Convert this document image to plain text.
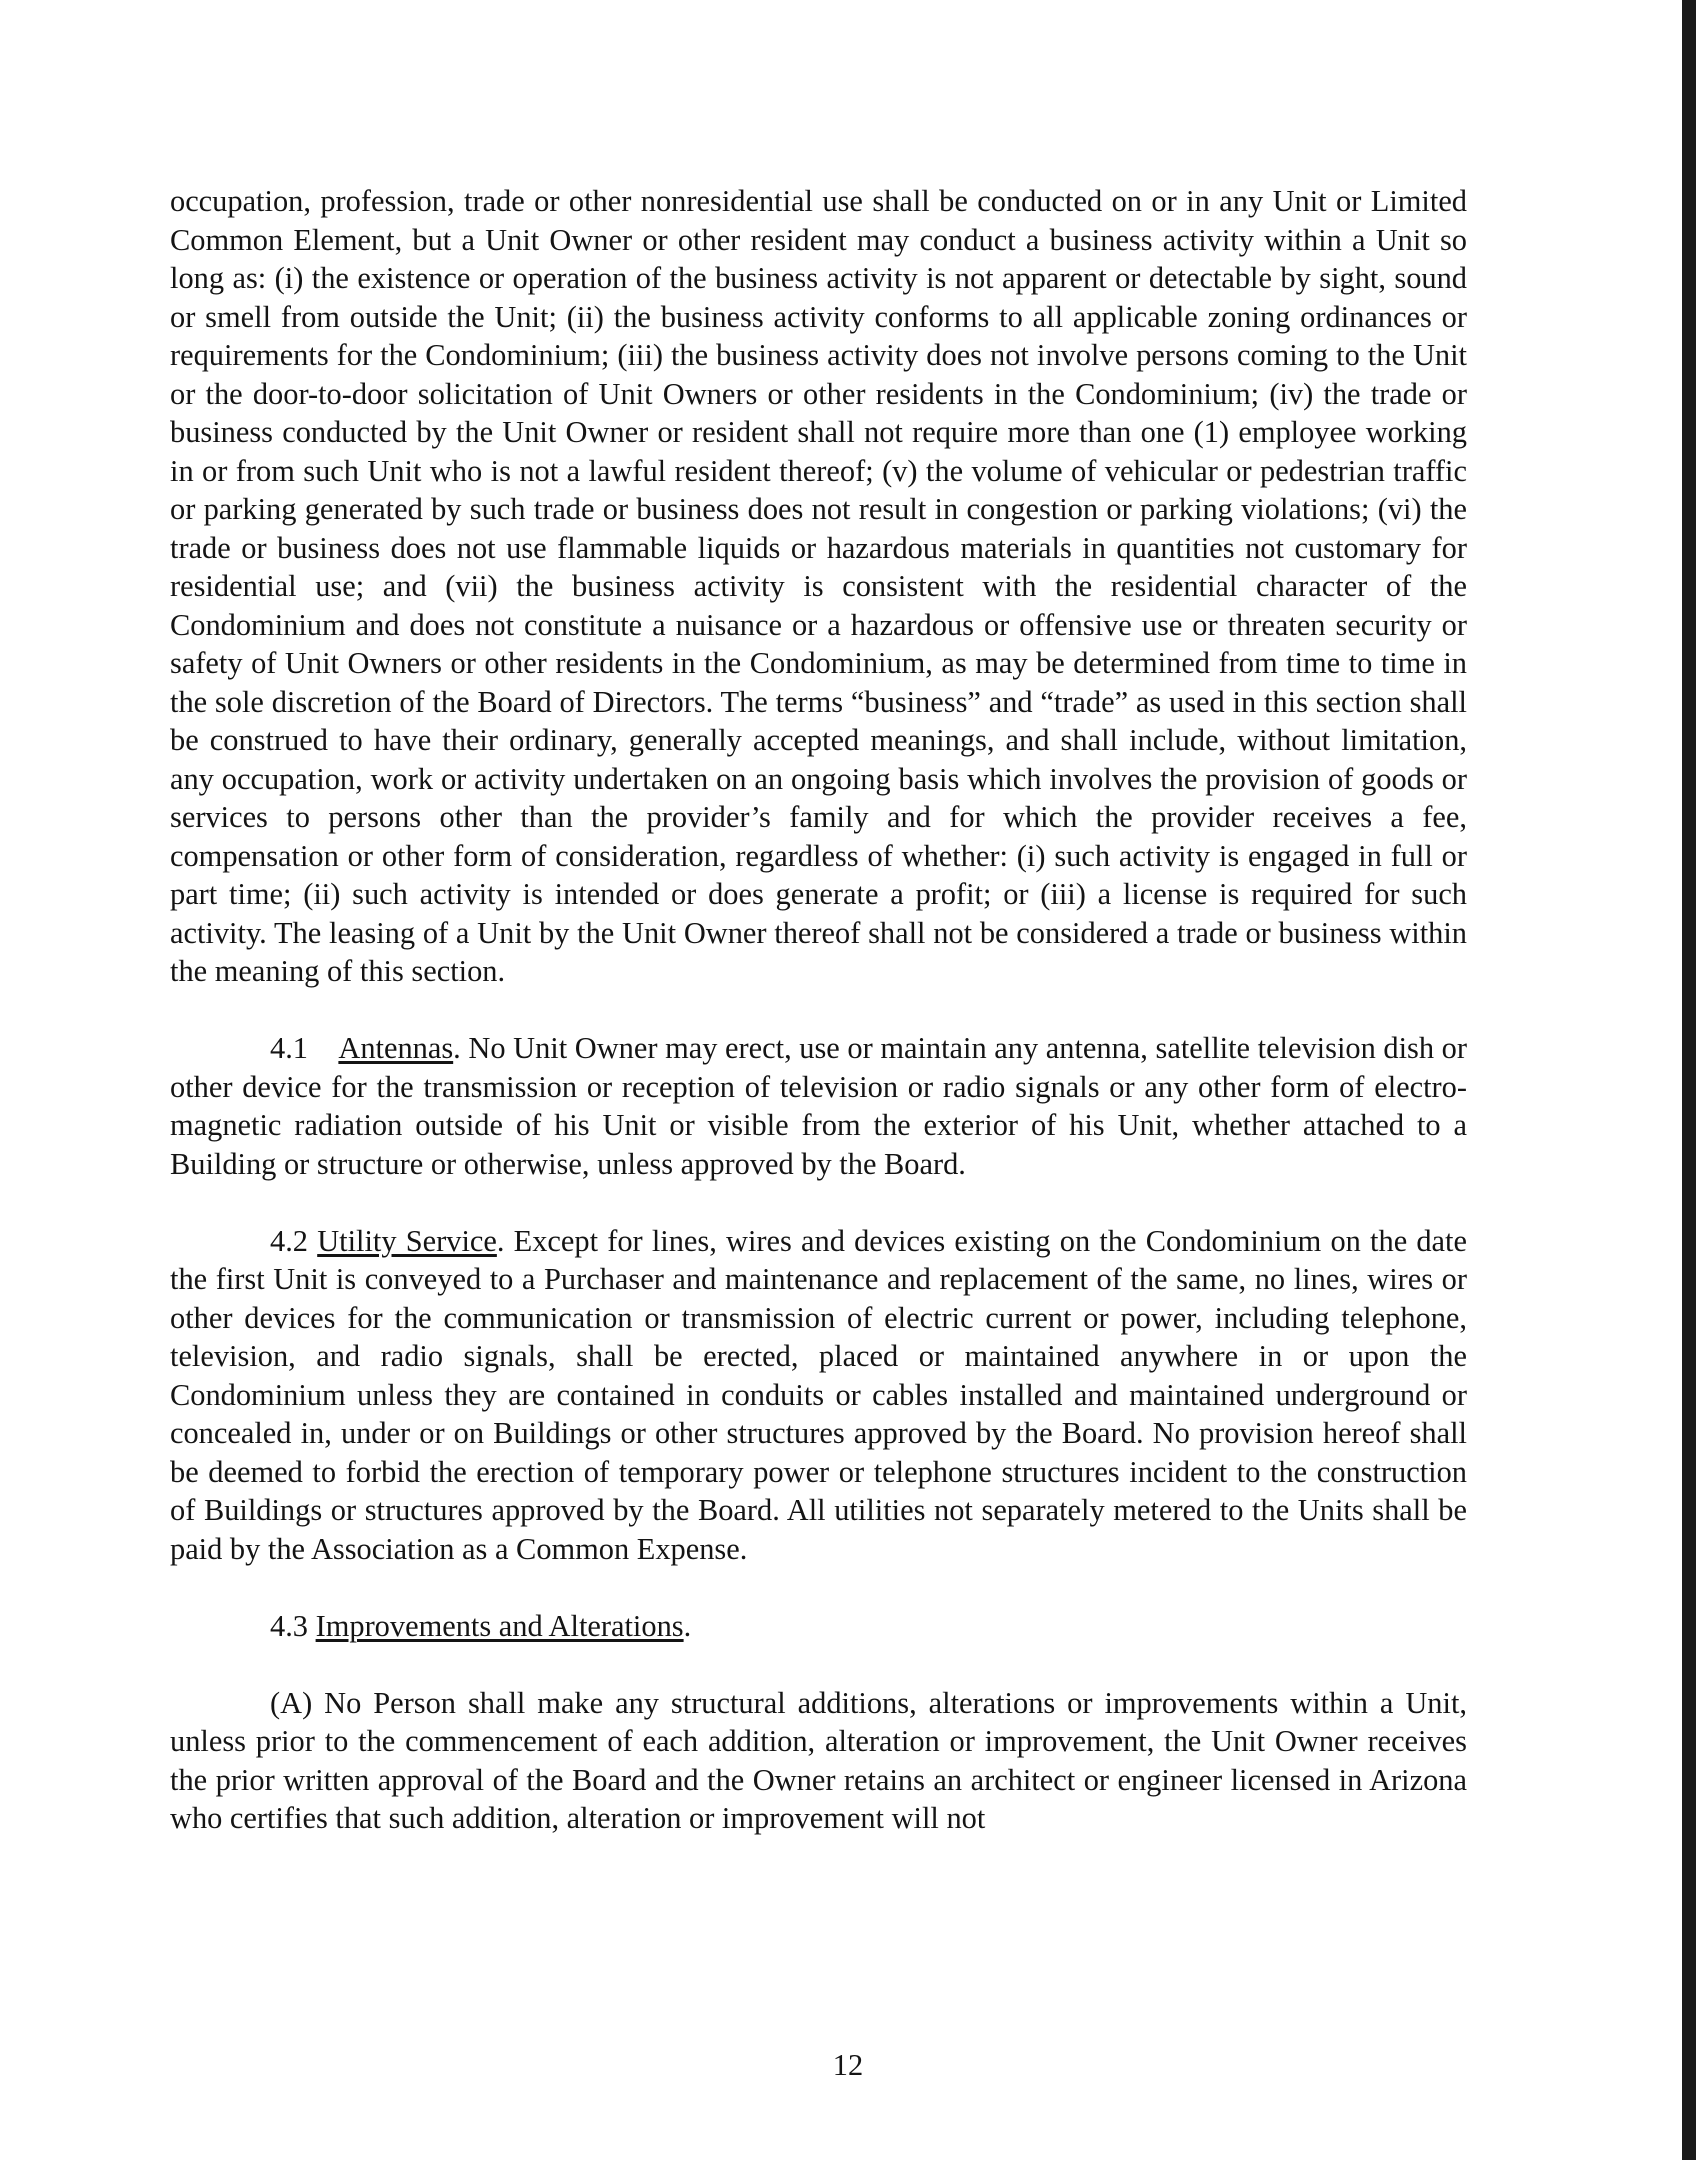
occupation, profession, trade or other nonresidential use shall be conducted on or in any Unit or Limited Common Element, but a Unit Owner or other resident may conduct a business activity within a Unit so long as: (i) the existence or operation of the business activity is not apparent or detectable by sight, sound or smell from outside the Unit; (ii) the business activity conforms to all applicable zoning ordinances or requirements for the Condominium; (iii) the business activity does not involve persons coming to the Unit or the door-to-door solicitation of Unit Owners or other residents in the Condominium; (iv) the trade or business conducted by the Unit Owner or resident shall not require more than one (1) employee working in or from such Unit who is not a lawful resident thereof; (v) the volume of vehicular or pedestrian traffic or parking generated by such trade or business does not result in congestion or parking violations; (vi) the trade or business does not use flammable liquids or hazardous materials in quantities not customary for residential use; and (vii) the business activity is consistent with the residential character of the Condominium and does not constitute a nuisance or a hazardous or offensive use or threaten security or safety of Unit Owners or other residents in the Condominium, as may be determined from time to time in the sole discretion of the Board of Directors. The terms “business” and “trade” as used in this section shall be construed to have their ordinary, generally accepted meanings, and shall include, without limitation, any occupation, work or activity undertaken on an ongoing basis which involves the provision of goods or services to persons other than the provider’s family and for which the provider receives a fee, compensation or other form of consideration, regardless of whether: (i) such activity is engaged in full or part time; (ii) such activity is intended or does generate a profit; or (iii) a license is required for such activity. The leasing of a Unit by the Unit Owner thereof shall not be considered a trade or business within the meaning of this section.

4.1  Antennas. No Unit Owner may erect, use or maintain any antenna, satellite television dish or other device for the transmission or reception of television or radio signals or any other form of electro-magnetic radiation outside of his Unit or visible from the exterior of his Unit, whether attached to a Building or structure or otherwise, unless approved by the Board.

4.2 Utility Service. Except for lines, wires and devices existing on the Condominium on the date the first Unit is conveyed to a Purchaser and maintenance and replacement of the same, no lines, wires or other devices for the communication or transmission of electric current or power, including telephone, television, and radio signals, shall be erected, placed or maintained anywhere in or upon the Condominium unless they are contained in conduits or cables installed and maintained underground or concealed in, under or on Buildings or other structures approved by the Board. No provision hereof shall be deemed to forbid the erection of temporary power or telephone structures incident to the construction of Buildings or structures approved by the Board. All utilities not separately metered to the Units shall be paid by the Association as a Common Expense.

4.3 Improvements and Alterations.

(A) No Person shall make any structural additions, alterations or improvements within a Unit, unless prior to the commencement of each addition, alteration or improvement, the Unit Owner receives the prior written approval of the Board and the Owner retains an architect or engineer licensed in Arizona who certifies that such addition, alteration or improvement will not

12
